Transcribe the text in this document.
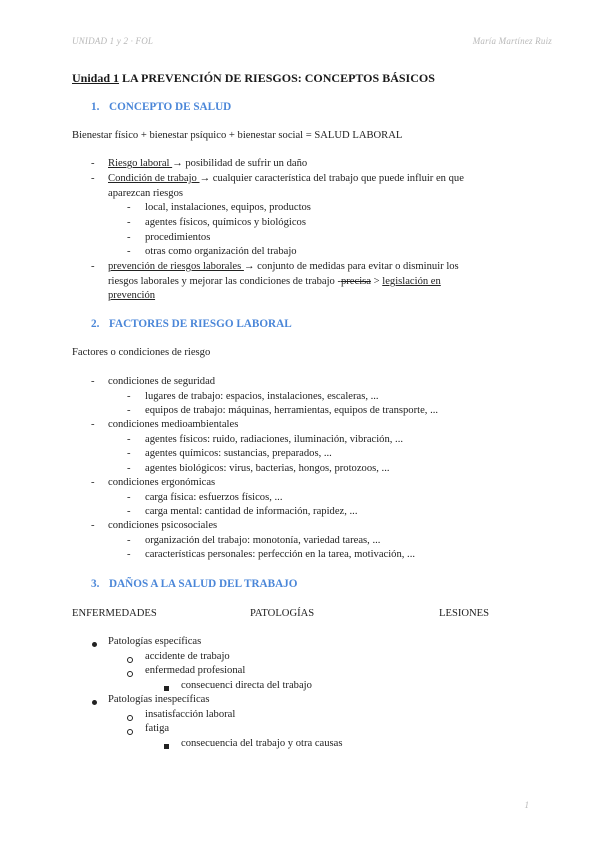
UNIDAD 1 y 2 · FOL	María Martínez Ruiz
Unidad 1 LA PREVENCIÓN DE RIESGOS: CONCEPTOS BÁSICOS
1. CONCEPTO DE SALUD
Bienestar físico + bienestar psíquico + bienestar social = SALUD LABORAL
- Riesgo laboral → posibilidad de sufrir un daño
- Condición de trabajo → cualquier característica del trabajo que puede influir en que
aparezcan riesgos
- local, instalaciones, equipos, productos
- agentes físicos, químicos y biológicos
- procedimientos
- otras como organización del trabajo
- prevención de riesgos laborales → conjunto de medidas para evitar o disminuir los
riesgos laborales y mejorar las condiciones de trabajo -precisa > legislación en
prevención
2. FACTORES DE RIESGO LABORAL
Factores o condiciones de riesgo
- condiciones de seguridad
- lugares de trabajo: espacios, instalaciones, escaleras, ...
- equipos de trabajo: máquinas, herramientas, equipos de transporte, ...
- condiciones medioambientales
- agentes físicos: ruido, radiaciones, iluminación, vibración, ...
- agentes químicos: sustancias, preparados, ...
- agentes biológicos: virus, bacterias, hongos, protozoos, ...
- condiciones ergonómicas
- carga física: esfuerzos físicos, ...
- carga mental: cantidad de información, rapidez, ...
- condiciones psicosociales
- organización del trabajo: monotonía, variedad tareas, ...
- características personales: perfección en la tarea, motivación, ...
3. DAÑOS A LA SALUD DEL TRABAJO
ENFERMEDADES	PATOLOGÍAS	LESIONES
Patologías específicas
accidente de trabajo
enfermedad profesional
consecuenci directa del trabajo
Patologías inespecíficas
insatisfacción laboral
fatiga
consecuencia del trabajo y otra causas
1
